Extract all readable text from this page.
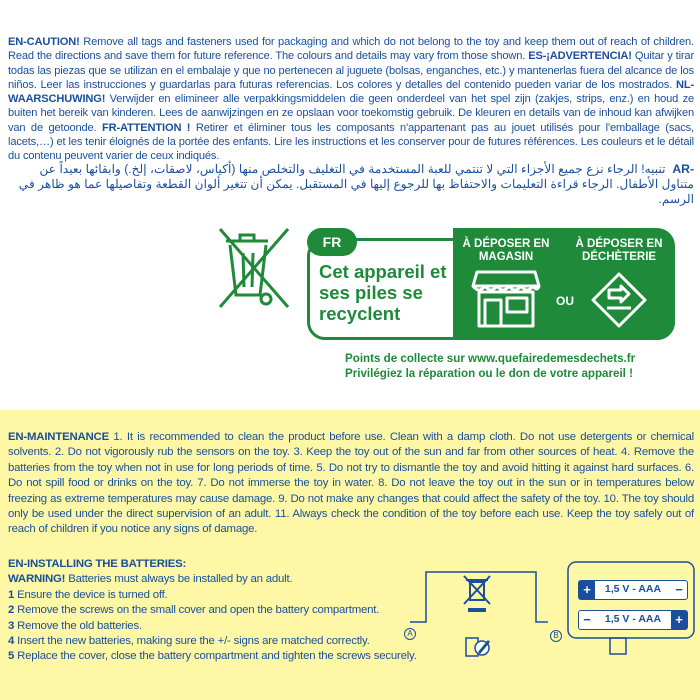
EN-CAUTION! Remove all tags and fasteners used for packaging and which do not belong to the toy and keep them out of reach of children. Read the directions and save them for future reference. The colours and details may vary from those shown. ES-¡ADVERTENCIA! Quitar y tirar todas las piezas que se utilizan en el embalaje y que no pertenecen al juguete (bolsas, enganches, etc.) y mantenerlas fuera del alcance de los niños. Leer las instrucciones y guardarlas para futuras referencias. Los colores y detalles del contenido pueden variar de los mostrados. NL-WAARSCHUWING! Verwijder en elimineer alle verpakkingsmiddelen die geen onderdeel van het spel zijn (zakjes, strips, enz.) en houd ze buiten het bereik van kinderen. Lees de aanwijzingen en ze opslaan voor toekomstig gebruik. De kleuren en details van de inhoud kan afwijken van de getoonde. FR-ATTENTION ! Retirer et éliminer tous les composants n'appartenant pas au jouet utilisés pour l'emballage (sacs, lacets,…) et les tenir éloignés de la portée des enfants. Lire les instructions et les conserver pour de futures références. Les couleurs et le détail du contenu peuvent varier de ceux indiqués.

-AR  تنبيه! الرجاء نزع جميع الأجزاء التي لا تنتمي للعبة المستخدمة في التغليف والتخلص منها (أكياس، لاصقات، إلخ.) وابقائها بعيداً عن متناول الأطفال. الرجاء قراءة التعليمات والاحتفاظ بها للرجوع إليها في المستقبل. يمكن أن تتغير ألوان القطعة وتفاصيلها عما هو ظاهر في الرسم.

À DÉPOSER EN MAGASIN
À DÉPOSER EN DÉCHÈTERIE
OU
FR
Cet appareil et ses piles se recyclent
Points de collecte sur www.quefairedemesdechets.fr
Privilégiez la réparation ou le don de votre appareil !

EN-MAINTENANCE 1. It is recommended to clean the product before use. Clean with a damp cloth. Do not use detergents or chemical solvents. 2. Do not vigorously rub the sensors on the toy. 3. Keep the toy out of the sun and far from other sources of heat. 4. Remove the batteries from the toy when not in use for long periods of time. 5. Do not try to dismantle the toy and avoid hitting it against hard surfaces. 6. Do not spill food or drinks on the toy. 7. Do not immerse the toy in water. 8. Do not leave the toy out in the sun or in temperatures below freezing as extreme temperatures may cause damage. 9. Do not make any changes that could affect the safety of the toy. 10. The toy should only be used under the direct supervision of an adult. 11. Always check the condition of the toy before each use. Keep the toy safely out of reach of children if you notice any signs of damage.

EN-INSTALLING THE BATTERIES:
WARNING! Batteries must always be installed by an adult.
1 Ensure the device is turned off.
2 Remove the screws on the small cover and open the battery compartment.
3 Remove the old batteries.
4 Insert the new batteries, making sure the +/- signs are matched correctly.
5 Replace the cover, close the battery compartment and tighten the screws securely.
A	B
+	1,5 V - AAA	−
−	1,5 V - AAA	+
